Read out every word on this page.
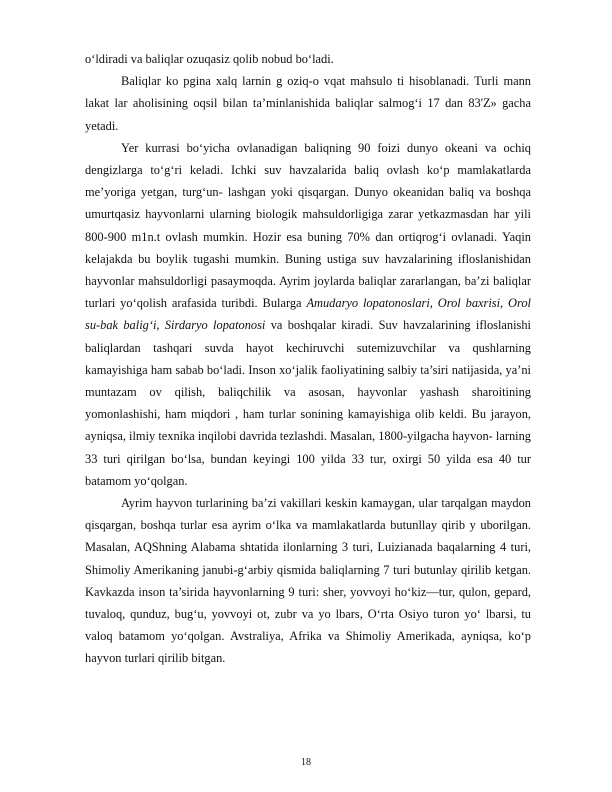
o‘ldiradi va baliqlar ozuqasiz qolib nobud bo‘ladi.

Baliqlar ko pgina xalq larnin g oziq-o vqat mahsulo ti hisoblanadi. Turli mann lakat lar aholisining oqsil bilan ta’minlanishida baliqlar salmog‘i 17 dan 83'Z» gacha yetadi.

Yer kurrasi bo‘yicha ovlanadigan baliqning 90 foizi dunyo okeani va ochiq dengizlarga to‘g‘ri keladi. Ichki suv havzalarida baliq ovlash ko‘p mamlakatlarda me’yoriga yetgan, turg‘un- lashgan yoki qisqargan. Dunyo okeanidan baliq va boshqa umurtqasiz hayvonlarni ularning biologik mahsuldorligiga zarar yetkazmasdan har yili 800-900 m1n.t ovlash mumkin. Hozir esa buning 70% dan ortiqrog‘i ovlanadi. Yaqin kelajakda bu boylik tugashi mumkin. Buning ustiga suv havzalarining ifloslanishidan hayvonlar mahsuldorligi pasaymoqda. Ayrim joylarda baliqlar zararlangan, ba’zi baliqlar turlari yo‘qolish arafasida turibdi. Bularga Amudaryo lopatonoslari, Orol baxrisi, Orol su-bak balig‘i, Sirdaryo lopatonosi va boshqalar kiradi. Suv havzalarining ifloslanishi baliqlardan tashqari suvda hayot kechiruvchi sutemizuvchilar va qushlarning kamayishiga ham sabab bo‘ladi. Inson xo‘jalik faoliyatining salbiy ta’siri natijasida, ya’ni muntazam ov qilish, baliqchilik va asosan, hayvonlar yashash sharoitining yomonlashishi, ham miqdori , ham turlar sonining kamayishiga olib keldi. Bu jarayon, ayniqsa, ilmiy texnika inqilobi davrida tezlashdi. Masalan, 1800-yilgacha hayvon- larning 33 turi qirilgan bo‘lsa, bundan keyingi 100 yilda 33 tur, oxirgi 50 yilda esa 40 tur batamom yo‘qolgan.

Ayrim hayvon turlarining ba’zi vakillari keskin kamaygan, ular tarqalgan maydon qisqargan, boshqa turlar esa ayrim o‘lka va mamlakatlarda butunllay qirib y uborilgan. Masalan, AQShning Alabama shtatida ilonlarning 3 turi, Luizianada baqalarning 4 turi, Shimoliy Amerikaning janubi-g‘arbiy qismida baliqlarning 7 turi butunlay qirilib ketgan. Kavkazda inson ta’sirida hayvonlarning 9 turi: sher, yovvoyi ho‘kiz—tur, qulon, gepard, tuvaloq, qunduz, bug‘u, yovvoyi ot, zubr va yo lbars, O‘rta Osiyo turon yo‘ lbarsi, tu valoq batamom yo‘qolgan. Avstraliya, Afrika va Shimoliy Amerikada, ayniqsa, ko‘p hayvon turlari qirilib bitgan.

18
